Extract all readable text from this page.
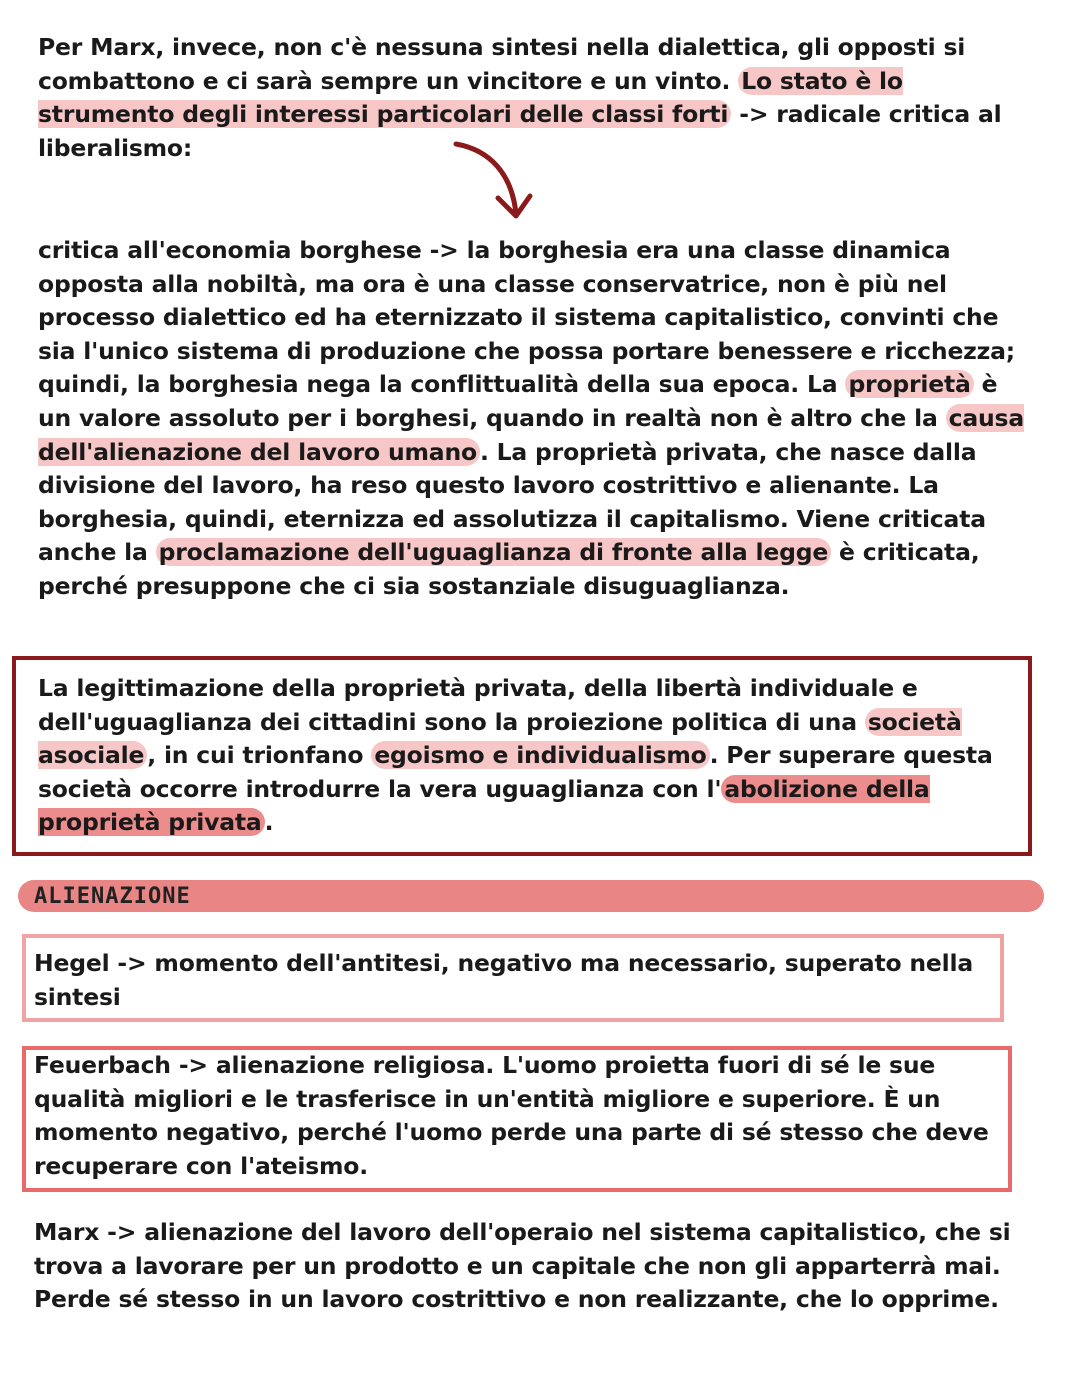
Per Marx, invece, non c'è nessuna sintesi nella dialettica, gli opposti si combattono e ci sarà sempre un vincitore e un vinto. Lo stato è lo strumento degli interessi particolari delle classi forti -> radicale critica al liberalismo:

critica all'economia borghese -> la borghesia era una classe dinamica opposta alla nobiltà, ma ora è una classe conservatrice, non è più nel processo dialettico ed ha eternizzato il sistema capitalistico, convinti che sia l'unico sistema di produzione che possa portare benessere e ricchezza; quindi, la borghesia nega la conflittualità della sua epoca. La proprietà è un valore assoluto per i borghesi, quando in realtà non è altro che la causa dell'alienazione del lavoro umano . La proprietà privata, che nasce dalla divisione del lavoro, ha reso questo lavoro costrittivo e alienante. La borghesia, quindi, eternizza ed assolutizza il capitalismo. Viene criticata anche la proclamazione dell'uguaglianza di fronte alla legge è criticata, perché presuppone che ci sia sostanziale disuguaglianza.

La legittimazione della proprietà privata, della libertà individuale e dell'uguaglianza dei cittadini sono la proiezione politica di una società asociale , in cui trionfano egoismo e individualismo . Per superare questa società occorre introdurre la vera uguaglianza con l' abolizione della proprietà privata .

ALIENAZIONE

Hegel -> momento dell'antitesi, negativo ma necessario, superato nella sintesi

Feuerbach -> alienazione religiosa. L'uomo proietta fuori di sé le sue qualità migliori e le trasferisce in un'entità migliore e superiore. È un momento negativo, perché l'uomo perde una parte di sé stesso che deve recuperare con l'ateismo.

Marx -> alienazione del lavoro dell'operaio nel sistema capitalistico, che si trova a lavorare per un prodotto e un capitale che non gli apparterrà mai. Perde sé stesso in un lavoro costrittivo e non realizzante, che lo opprime.
